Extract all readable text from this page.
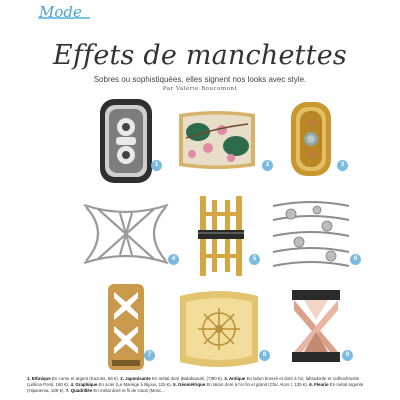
Mode
Effets de manchettes
Sobres ou sophistiquées, elles signent nos looks avec style.
Par Valérie Boucomont
1	2	3
4	5	6
7	8	9
1. Ethnique En corne et argent (Kazuris, 59 €). 2. Japonisante En métal doré (Balabaoulé, (?)90 €). 3. Antique En laiton brossé et doré à l'or, labradorite et rodhochrosite (Lellicia Ponti, 160 €). 4. Graphique En acier (Le Manège à Bijoux, 115 €). 5. Géométrique En laiton doré à l'or fin et granit (Chic Alors !, 135 €). 6. Fleurie En métal argenté (Hipanema, 109 €). 7. Quadrillée En métal doré et fil de coton (Mosc...
